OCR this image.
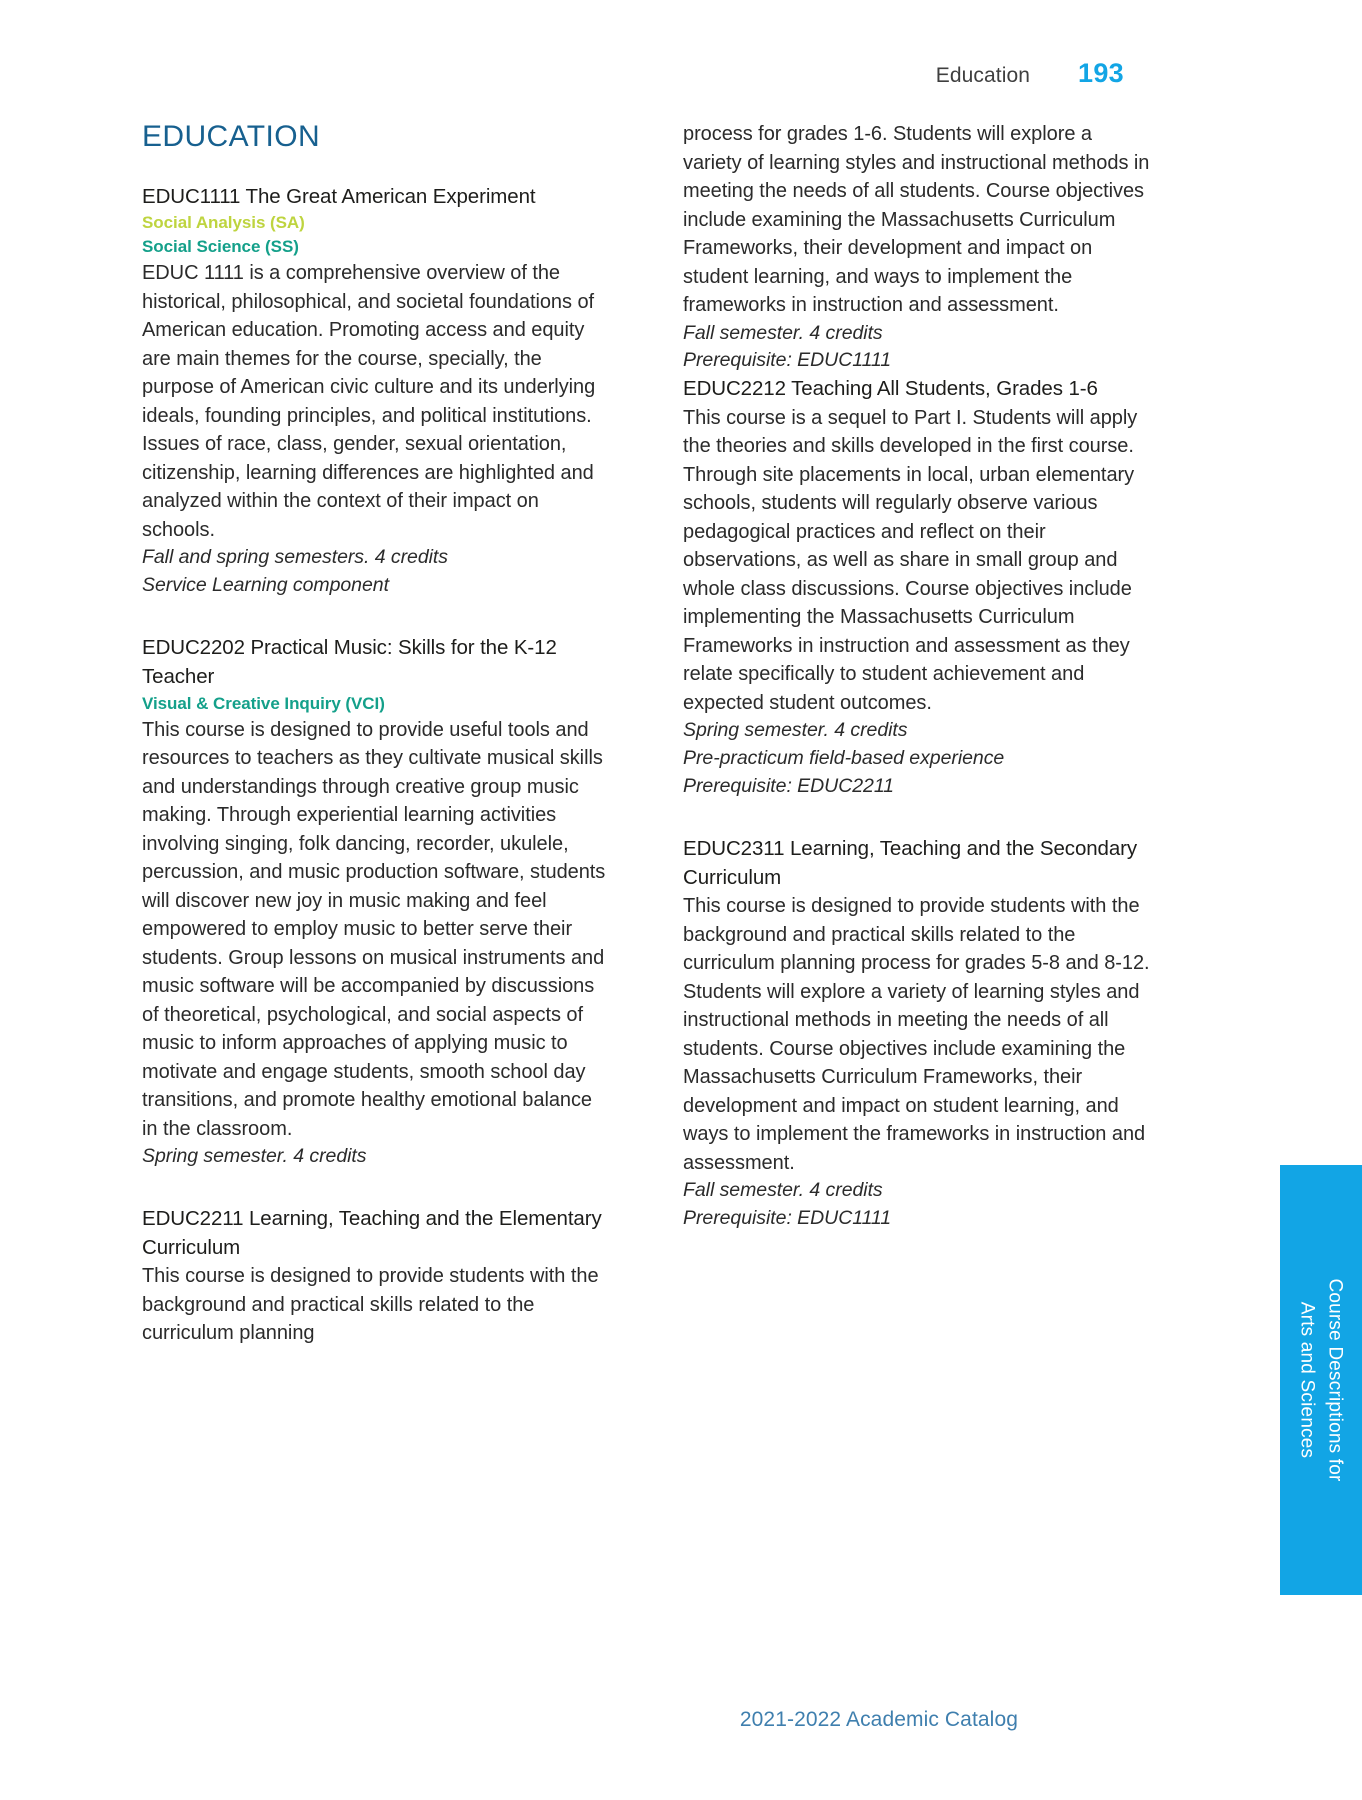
Education 193
EDUCATION

EDUC1111 The Great American Experiment

Social Analysis (SA)

Social Science (SS)

EDUC 1111 is a comprehensive overview of the historical, philosophical, and societal foundations of American education. Promoting access and equity are main themes for the course, specially, the purpose of American civic culture and its underlying ideals, founding principles, and political institutions. Issues of race, class, gender, sexual orientation, citizenship, learning differences are highlighted and analyzed within the context of their impact on schools.

Fall and spring semesters. 4 credits

Service Learning component

EDUC2202 Practical Music: Skills for the K-12 Teacher

Visual & Creative Inquiry (VCI)

This course is designed to provide useful tools and resources to teachers as they cultivate musical skills and understandings through creative group music making. Through experiential learning activities involving singing, folk dancing, recorder, ukulele, percussion, and music production software, students will discover new joy in music making and feel empowered to employ music to better serve their students. Group lessons on musical instruments and music software will be accompanied by discussions of theoretical, psychological, and social aspects of music to inform approaches of applying music to motivate and engage students, smooth school day transitions, and promote healthy emotional balance in the classroom.

Spring semester. 4 credits

EDUC2211 Learning, Teaching and the Elementary Curriculum

This course is designed to provide students with the background and practical skills related to the curriculum planning

process for grades 1-6. Students will explore a variety of learning styles and instructional methods in meeting the needs of all students. Course objectives include examining the Massachusetts Curriculum Frameworks, their development and impact on student learning, and ways to implement the frameworks in instruction and assessment.

Fall semester. 4 credits

Prerequisite: EDUC1111

EDUC2212 Teaching All Students, Grades 1-6

This course is a sequel to Part I. Students will apply the theories and skills developed in the first course. Through site placements in local, urban elementary schools, students will regularly observe various pedagogical practices and reflect on their observations, as well as share in small group and whole class discussions. Course objectives include implementing the Massachusetts Curriculum Frameworks in instruction and assessment as they relate specifically to student achievement and expected student outcomes.

Spring semester. 4 credits

Pre-practicum field-based experience

Prerequisite: EDUC2211

EDUC2311 Learning, Teaching and the Secondary Curriculum

This course is designed to provide students with the background and practical skills related to the curriculum planning process for grades 5-8 and 8-12. Students will explore a variety of learning styles and instructional methods in meeting the needs of all students. Course objectives include examining the Massachusetts Curriculum Frameworks, their development and impact on student learning, and ways to implement the frameworks in instruction and assessment.

Fall semester. 4 credits

Prerequisite: EDUC1111

Course Descriptions for
Arts and Sciences
2021-2022 Academic Catalog
